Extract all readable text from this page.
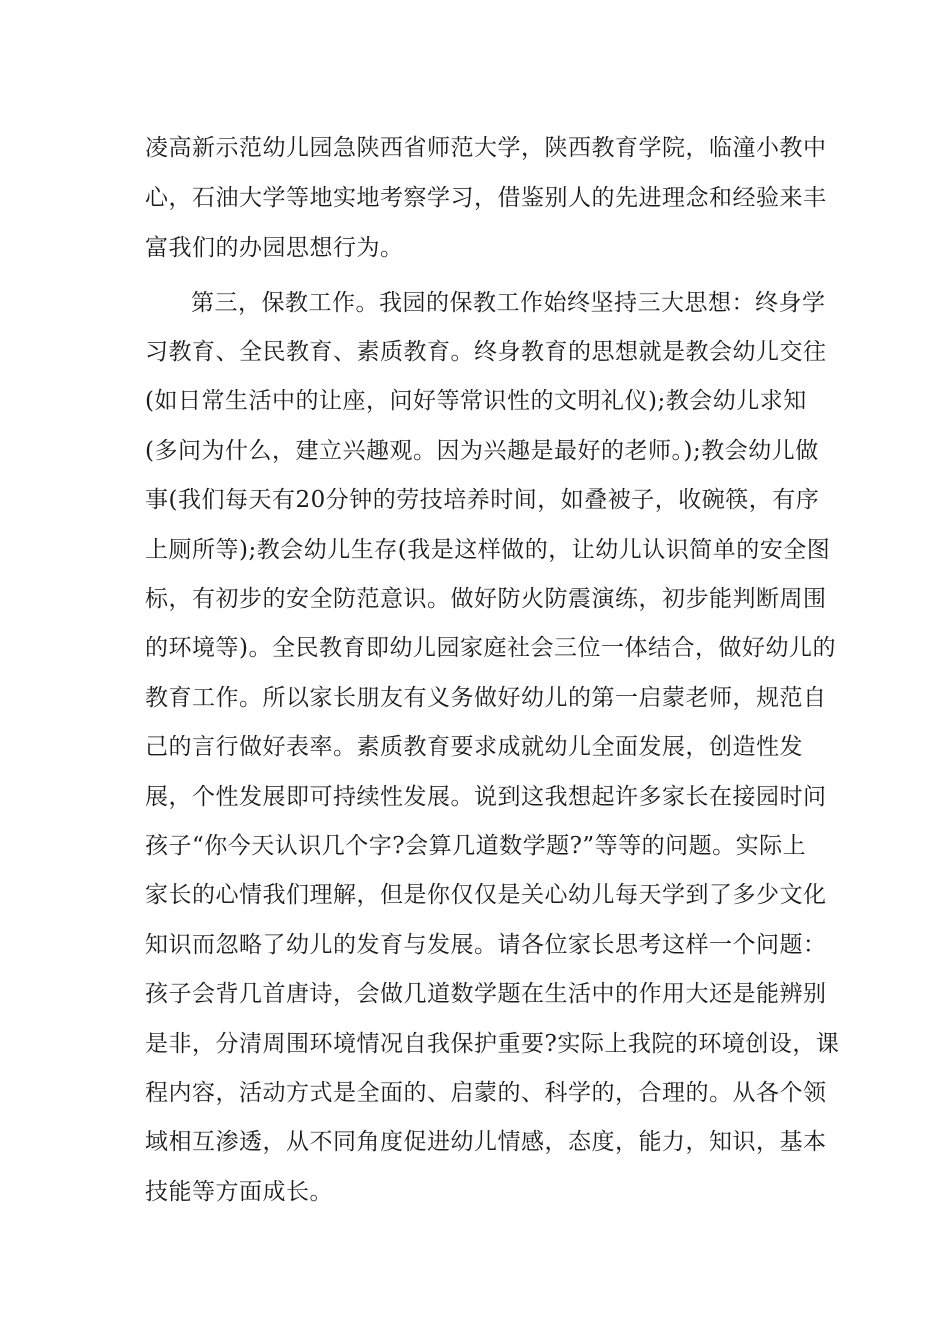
凌高新示范幼儿园急陕西省师范大学，陕西教育学院，临潼小教中
心，石油大学等地实地考察学习，借鉴别人的先进理念和经验来丰
富我们的办园思想行为。
第三，保教工作。我园的保教工作始终坚持三大思想：终身学
习教育、全民教育、素质教育。终身教育的思想就是教会幼儿交往
(如日常生活中的让座，问好等常识性的文明礼仪);教会幼儿求知
(多问为什么，建立兴趣观。因为兴趣是最好的老师。);教会幼儿做
事(我们每天有20分钟的劳技培养时间，如叠被子，收碗筷，有序
上厕所等);教会幼儿生存(我是这样做的，让幼儿认识简单的安全图
标，有初步的安全防范意识。做好防火防震演练，初步能判断周围
的环境等)。全民教育即幼儿园家庭社会三位一体结合，做好幼儿的
教育工作。所以家长朋友有义务做好幼儿的第一启蒙老师，规范自
己的言行做好表率。素质教育要求成就幼儿全面发展，创造性发
展，个性发展即可持续性发展。说到这我想起许多家长在接园时问
孩子“你今天认识几个字?会算几道数学题?”等等的问题。实际上
家长的心情我们理解，但是你仅仅是关心幼儿每天学到了多少文化
知识而忽略了幼儿的发育与发展。请各位家长思考这样一个问题：
孩子会背几首唐诗，会做几道数学题在生活中的作用大还是能辨别
是非，分清周围环境情况自我保护重要?实际上我院的环境创设，课
程内容，活动方式是全面的、启蒙的、科学的，合理的。从各个领
域相互渗透，从不同角度促进幼儿情感，态度，能力，知识，基本
技能等方面成长。
